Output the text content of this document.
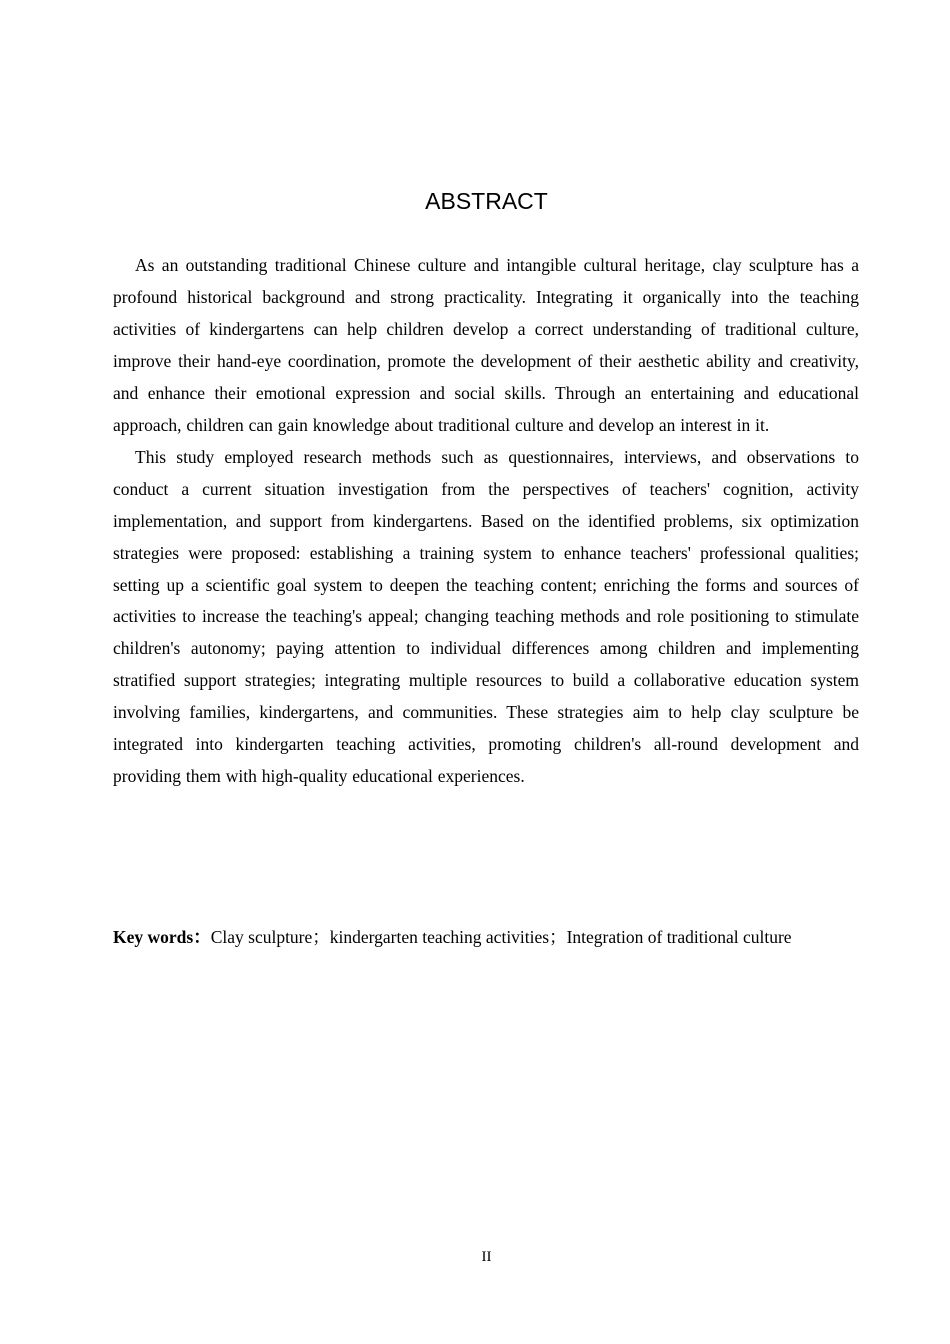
ABSTRACT

As an outstanding traditional Chinese culture and intangible cultural heritage, clay sculpture has a profound historical background and strong practicality. Integrating it organically into the teaching activities of kindergartens can help children develop a correct understanding of traditional culture, improve their hand-eye coordination, promote the development of their aesthetic ability and creativity, and enhance their emotional expression and social skills. Through an entertaining and educational approach, children can gain knowledge about traditional culture and develop an interest in it.

This study employed research methods such as questionnaires, interviews, and observations to conduct a current situation investigation from the perspectives of teachers' cognition, activity implementation, and support from kindergartens. Based on the identified problems, six optimization strategies were proposed: establishing a training system to enhance teachers' professional qualities; setting up a scientific goal system to deepen the teaching content; enriching the forms and sources of activities to increase the teaching's appeal; changing teaching methods and role positioning to stimulate children's autonomy; paying attention to individual differences among children and implementing stratified support strategies; integrating multiple resources to build a collaborative education system involving families, kindergartens, and communities. These strategies aim to help clay sculpture be integrated into kindergarten teaching activities, promoting children's all-round development and providing them with high-quality educational experiences.

Key words：Clay sculpture；kindergarten teaching activities；Integration of traditional culture
II
